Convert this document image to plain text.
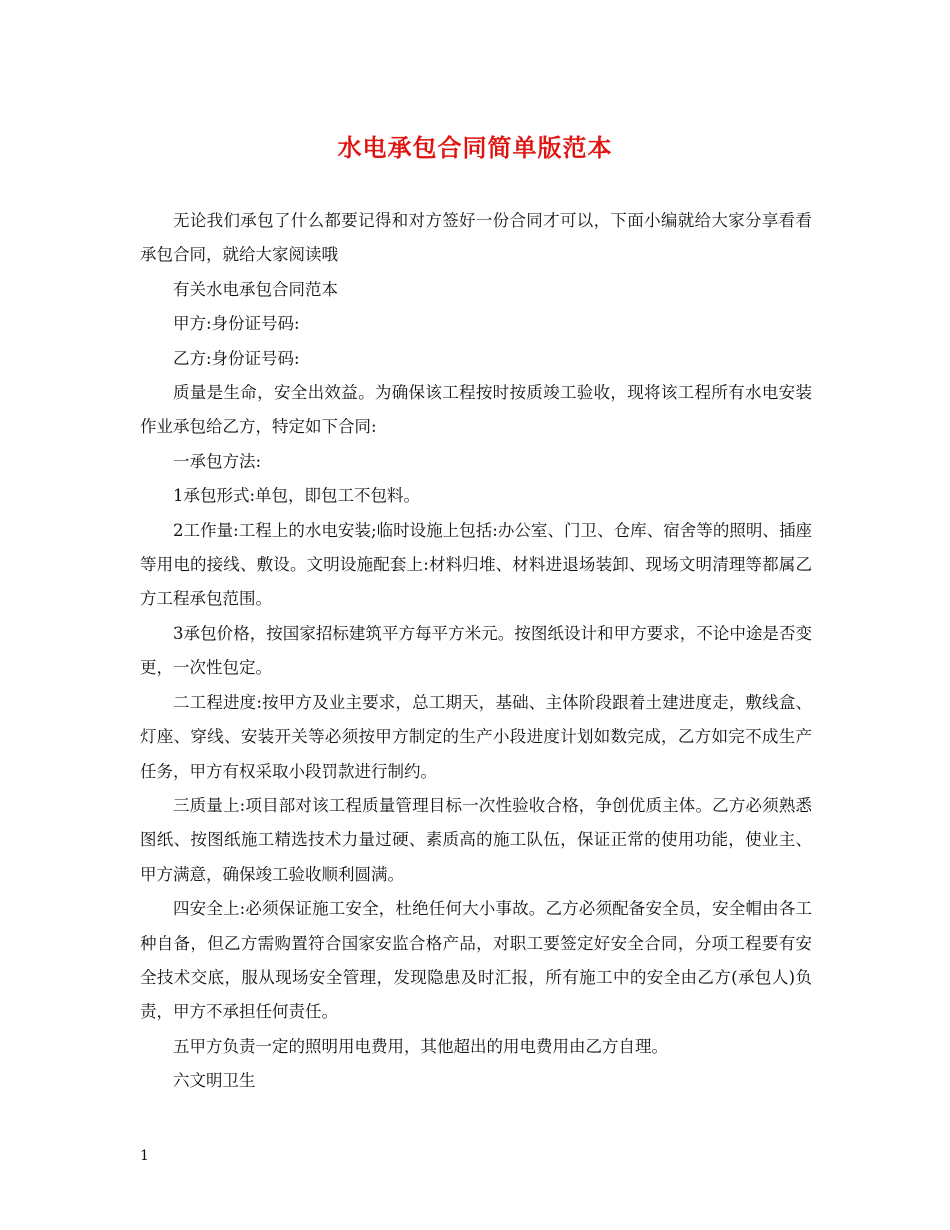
水电承包合同简单版范本

无论我们承包了什么都要记得和对方签好一份合同才可以，下面小编就给大家分享看看承包合同，就给大家阅读哦

有关水电承包合同范本

甲方:身份证号码:

乙方:身份证号码:

质量是生命，安全出效益。为确保该工程按时按质竣工验收，现将该工程所有水电安装作业承包给乙方，特定如下合同:

一承包方法:

1承包形式:单包，即包工不包料。

2工作量:工程上的水电安装;临时设施上包括:办公室、门卫、仓库、宿舍等的照明、插座等用电的接线、敷设。文明设施配套上:材料归堆、材料进退场装卸、现场文明清理等都属乙方工程承包范围。

3承包价格，按国家招标建筑平方每平方米元。按图纸设计和甲方要求，不论中途是否变更，一次性包定。

二工程进度:按甲方及业主要求，总工期天，基础、主体阶段跟着土建进度走，敷线盒、灯座、穿线、安装开关等必须按甲方制定的生产小段进度计划如数完成，乙方如完不成生产任务，甲方有权采取小段罚款进行制约。

三质量上:项目部对该工程质量管理目标一次性验收合格，争创优质主体。乙方必须熟悉图纸、按图纸施工精选技术力量过硬、素质高的施工队伍，保证正常的使用功能，使业主、甲方满意，确保竣工验收顺利圆满。

四安全上:必须保证施工安全，杜绝任何大小事故。乙方必须配备安全员，安全帽由各工种自备，但乙方需购置符合国家安监合格产品，对职工要签定好安全合同，分项工程要有安全技术交底，服从现场安全管理，发现隐患及时汇报，所有施工中的安全由乙方(承包人)负责，甲方不承担任何责任。

五甲方负责一定的照明用电费用，其他超出的用电费用由乙方自理。

六文明卫生

1
